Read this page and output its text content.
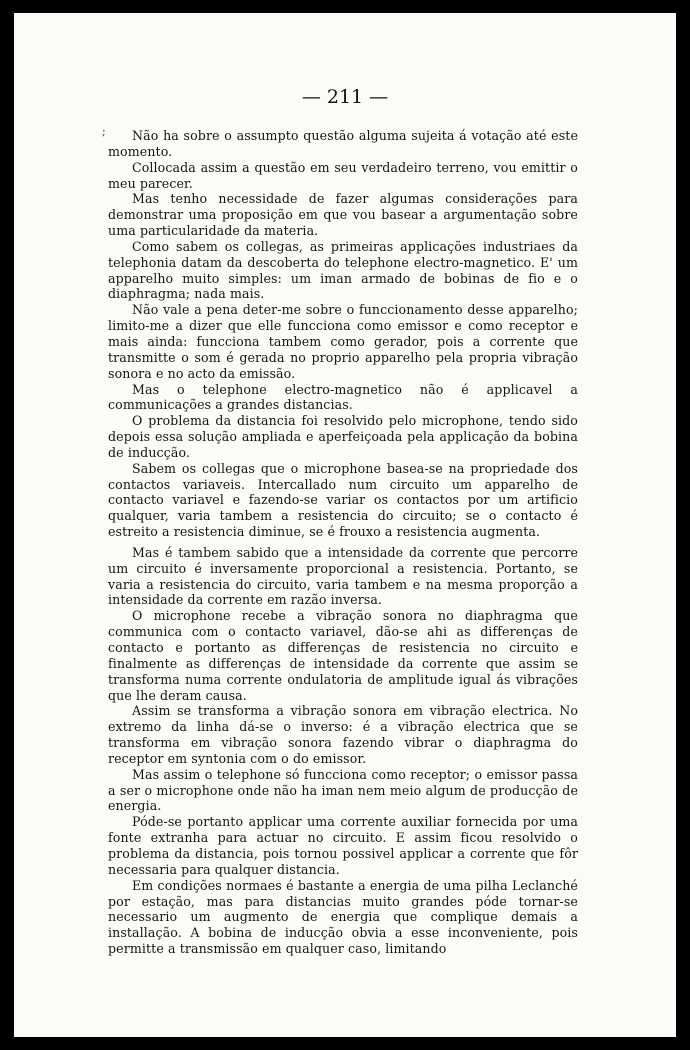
— 211 —
;	Não ha sobre o assumpto questão alguma sujeita á votação até este momento.

Collocada assim a questão em seu verdadeiro terreno, vou emittir o meu parecer.

Mas tenho necessidade de fazer algumas considerações para demonstrar uma proposição em que vou basear a argumentação sobre uma particularidade da materia.

Como sabem os collegas, as primeiras applicações industriaes da telephonia datam da descoberta do telephone electro-magnetico. E' um apparelho muito simples: um iman armado de bobinas de fio e o diaphragma; nada mais.

Não vale a pena deter-me sobre o funccionamento desse apparelho; limito-me a dizer que elle funcciona como emissor e como receptor e mais ainda: funcciona tambem como gerador, pois a corrente que transmitte o som é gerada no proprio apparelho pela propria vibração sonora e no acto da emissão.

Mas o telephone electro-magnetico não é applicavel a communicações a grandes distancias.

O problema da distancia foi resolvido pelo microphone, tendo sido depois essa solução ampliada e aperfeiçoada pela applicação da bobina de inducção.

Sabem os collegas que o microphone basea-se na propriedade dos contactos variaveis. Intercallado num circuito um apparelho de contacto variavel e fazendo-se variar os contactos por um artificio qualquer, varia tambem a resistencia do circuito; se o contacto é estreito a resistencia diminue, se é frouxo a resistencia augmenta.

Mas é tambem sabido que a intensidade da corrente que percorre um circuito é inversamente proporcional a resistencia. Portanto, se varia a resistencia do circuito, varia tambem e na mesma proporção a intensidade da corrente em razão inversa.

O microphone recebe a vibração sonora no diaphragma que communica com o contacto variavel, dão-se ahi as differenças de contacto e portanto as differenças de resistencia no circuito e finalmente as differenças de intensidade da corrente que assim se transforma numa corrente ondulatoria de amplitude igual ás vibrações que lhe deram causa.

Assim se transforma a vibração sonora em vibração electrica. No extremo da linha dá-se o inverso: é a vibração electrica que se transforma em vibração sonora fazendo vibrar o diaphragma do receptor em syntonia com o do emissor.

Mas assim o telephone só funcciona como receptor; o emissor passa a ser o microphone onde não ha iman nem meio algum de producção de energia.

Póde-se portanto applicar uma corrente auxiliar fornecida por uma fonte extranha para actuar no circuito. E assim ficou resolvido o problema da distancia, pois tornou possivel applicar a corrente que fôr necessaria para qualquer distancia.

Em condições normaes é bastante a energia de uma pilha Leclanché por estação, mas para distancias muito grandes póde tornar-se necessario um augmento de energia que complique demais a installação. A bobina de inducção obvia a esse inconveniente, pois permitte a transmissão em qualquer caso, limitando
